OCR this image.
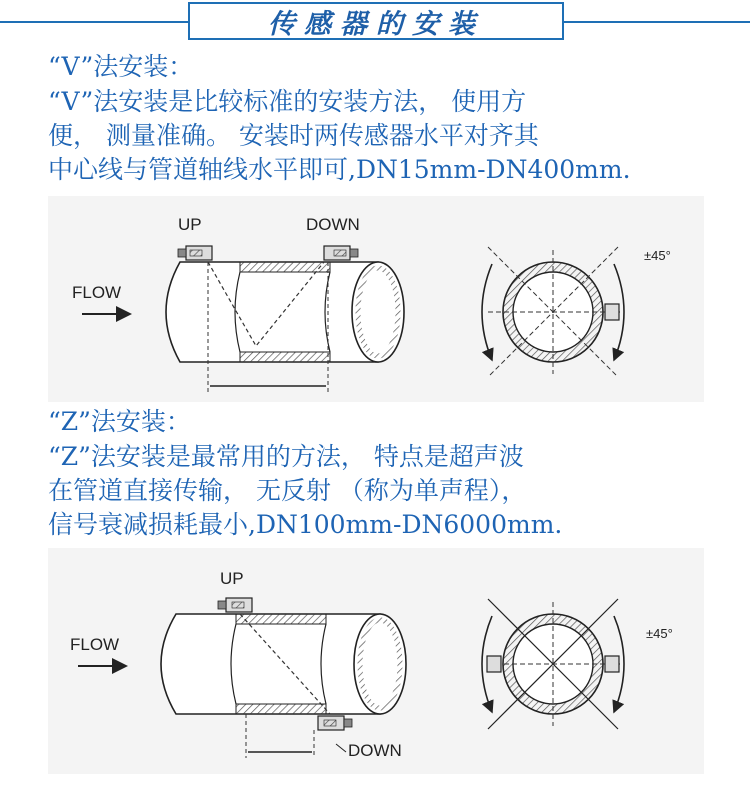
传感器的安装
“V”法安装：
“V”法安装是比较标准的安装方法， 使用方
便， 测量准确。 安装时两传感器水平对齐其
中心线与管道轴线水平即可,DN15mm-DN400mm.
UP	DOWN
FLOW
±45°
“Z”法安装：
“Z”法安装是最常用的方法， 特点是超声波
在管道直接传输， 无反射 （称为单声程），
信号衰减损耗最小,DN100mm-DN6000mm.
UP
DOWN
FLOW
±45°
